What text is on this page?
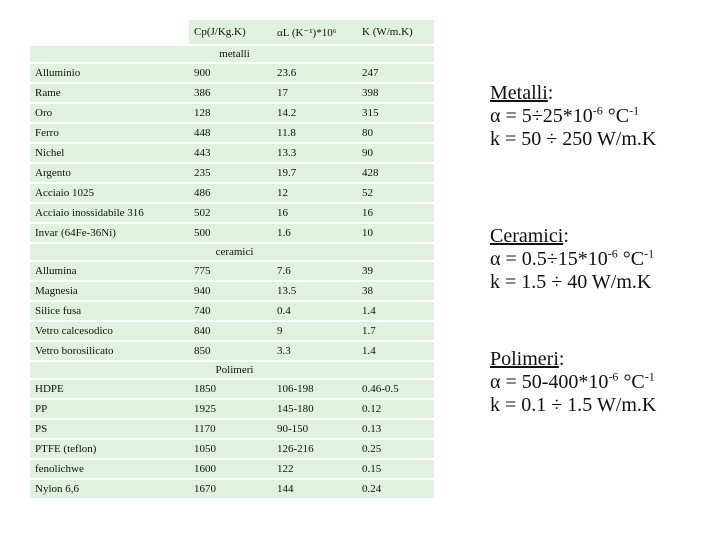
	Cp(J/Kg.K)	αL (K⁻¹)*10⁶	K (W/m.K)
metalli			
Alluminio	900	23.6	247
Rame	386	17	398
Oro	128	14.2	315
Ferro	448	11.8	80
Nichel	443	13.3	90
Argento	235	19.7	428
Acciaio 1025	486	12	52
Acciaio inossidabile 316	502	16	16
Invar (64Fe-36Ni)	500	1.6	10
ceramici			
Allumina	775	7.6	39
Magnesia	940	13.5	38
Silice fusa	740	0.4	1.4
Vetro calcesodico	840	9	1.7
Vetro borosilicato	850	3.3	1.4
Polimeri			
HDPE	1850	106-198	0.46-0.5
PP	1925	145-180	0.12
PS	1170	90-150	0.13
PTFE (teflon)	1050	126-216	0.25
fenolichwe	1600	122	0.15
Nylon 6,6	1670	144	0.24
Metalli:
$\alpha = 5\div 25*10^{-6}$ $^\circ C^{-1}$
k = 50 ÷ 250 W/m.K
Ceramici:
$\alpha = 0.5\div 15*10^{-6}$ $^\circ C^{-1}$
k = 1.5 ÷ 40 W/m.K
Polimeri:
$\alpha = 50-400*10^{-6}$ $^\circ C^{-1}$
k = 0.1 ÷ 1.5 W/m.K
